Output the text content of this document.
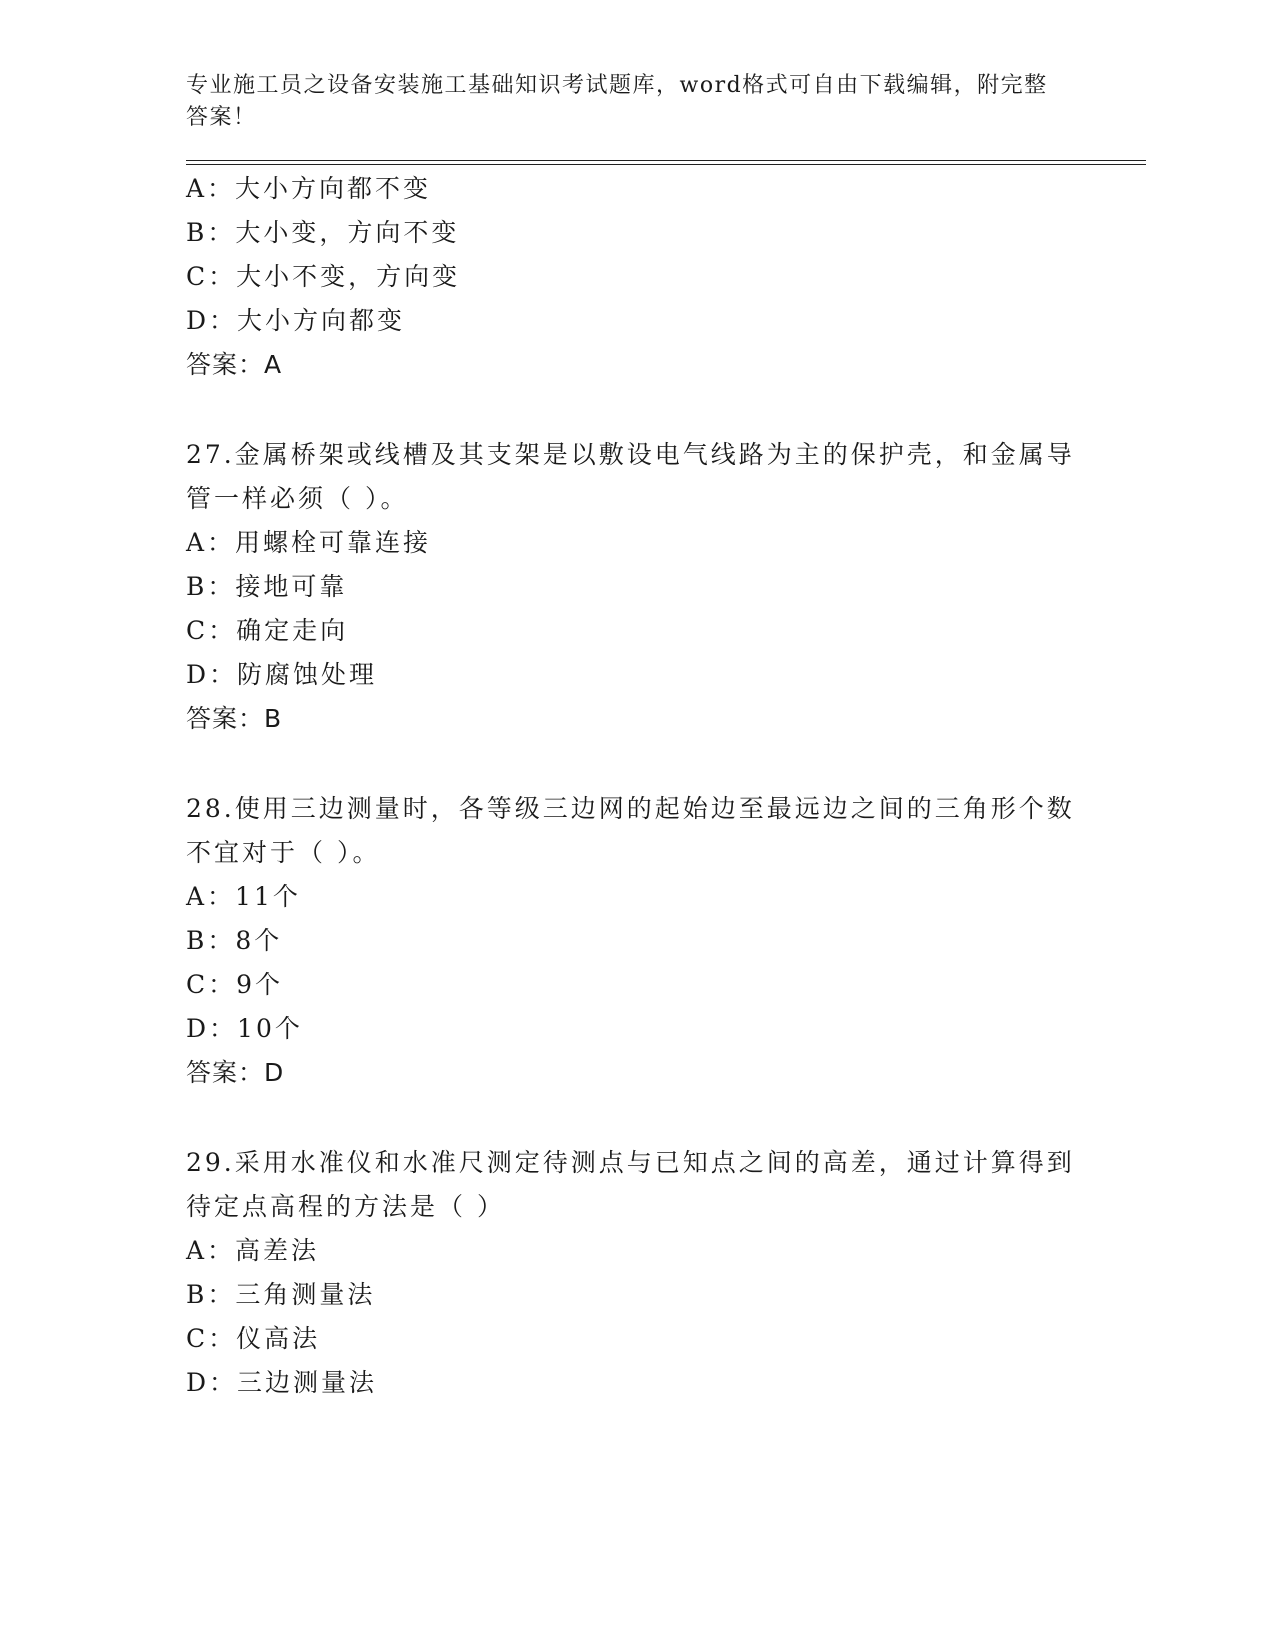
专业施工员之设备安装施工基础知识考试题库，word格式可自由下载编辑，附完整答案！
A：大小方向都不变
B：大小变，方向不变
C：大小不变，方向变
D：大小方向都变
答案：A
27.金属桥架或线槽及其支架是以敷设电气线路为主的保护壳，和金属导管一样必须（ ）。
A：用螺栓可靠连接
B：接地可靠
C：确定走向
D：防腐蚀处理
答案：B
28.使用三边测量时，各等级三边网的起始边至最远边之间的三角形个数不宜对于（ ）。
A：11个
B：8个
C：9个
D：10个
答案：D
29.采用水准仪和水准尺测定待测点与已知点之间的高差，通过计算得到待定点高程的方法是（ ）
A：高差法
B：三角测量法
C：仪高法
D：三边测量法
